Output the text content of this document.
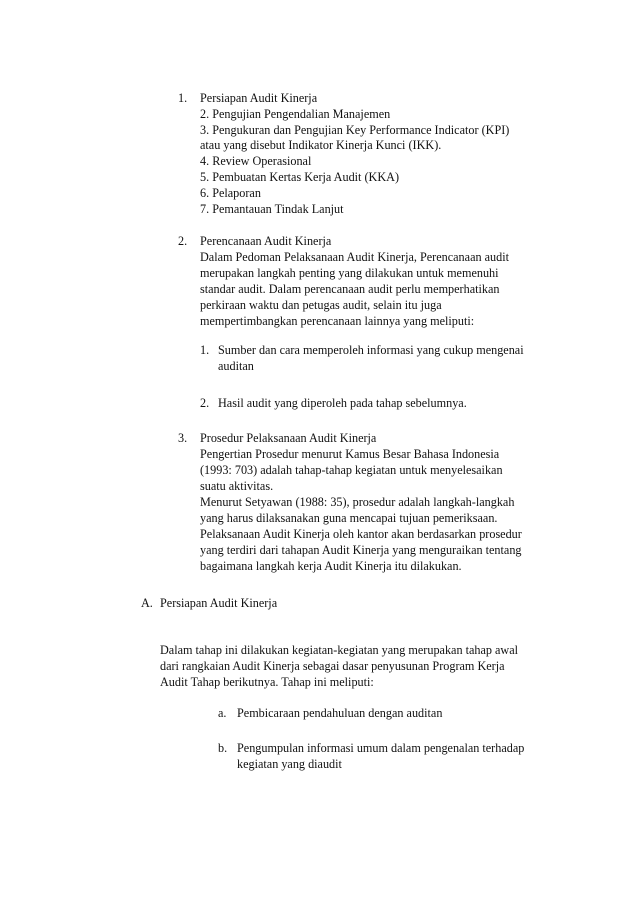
1. Persiapan Audit Kinerja
2. Pengujian Pengendalian Manajemen
3. Pengukuran dan Pengujian Key Performance Indicator (KPI)
atau yang disebut Indikator Kinerja Kunci (IKK).
4. Review Operasional
5. Pembuatan Kertas Kerja Audit (KKA)
6. Pelaporan
7. Pemantauan Tindak Lanjut
2. Perencanaan Audit Kinerja
Dalam Pedoman Pelaksanaan Audit Kinerja, Perencanaan audit
merupakan langkah penting yang dilakukan untuk memenuhi
standar audit. Dalam perencanaan audit perlu memperhatikan
perkiraan waktu dan petugas audit, selain itu juga
mempertimbangkan perencanaan lainnya yang meliputi:
1. Sumber dan cara memperoleh informasi yang cukup mengenai
auditan
2. Hasil audit yang diperoleh pada tahap sebelumnya.
3. Prosedur Pelaksanaan Audit Kinerja
Pengertian Prosedur menurut Kamus Besar Bahasa Indonesia
(1993: 703) adalah tahap-tahap kegiatan untuk menyelesaikan
suatu aktivitas.
Menurut Setyawan (1988: 35), prosedur adalah langkah-langkah
yang harus dilaksanakan guna mencapai tujuan pemeriksaan.
Pelaksanaan Audit Kinerja oleh kantor akan berdasarkan prosedur
yang terdiri dari tahapan Audit Kinerja yang menguraikan tentang
bagaimana langkah kerja Audit Kinerja itu dilakukan.
A. Persiapan Audit Kinerja
Dalam tahap ini dilakukan kegiatan-kegiatan yang merupakan tahap awal
dari rangkaian Audit Kinerja sebagai dasar penyusunan Program Kerja
Audit Tahap berikutnya. Tahap ini meliputi:
a. Pembicaraan pendahuluan dengan auditan
b. Pengumpulan informasi umum dalam pengenalan terhadap
kegiatan yang diaudit
